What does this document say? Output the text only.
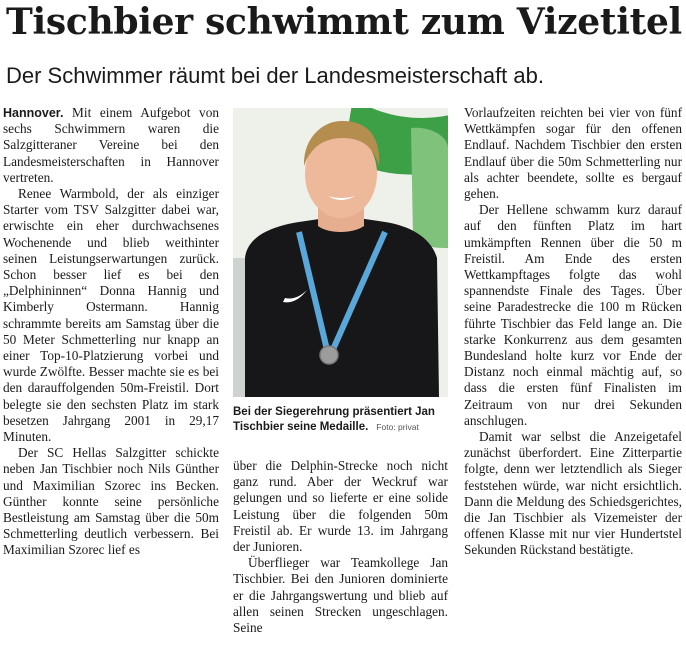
Tischbier schwimmt zum Vizetitel
Der Schwimmer räumt bei der Landesmeisterschaft ab.

Hannover. Mit einem Aufgebot von sechs Schwimmern waren die Salzgitteraner Vereine bei den Landesmeisterschaften in Hannover vertreten.

Renee Warmbold, der als einziger Starter vom TSV Salzgitter dabei war, erwischte ein eher durchwachsenes Wochenende und blieb weithinter seinen Leistungserwartungen zurück. Schon besser lief es bei den „Delphininnen“ Donna Hannig und Kimberly Ostermann. Hannig schrammte bereits am Samstag über die 50 Meter Schmetterling nur knapp an einer Top-10-Platzierung vorbei und wurde Zwölfte. Besser machte sie es bei den darauffolgenden 50m-Freistil. Dort belegte sie den sechsten Platz im stark besetzen Jahrgang 2001 in 29,17 Minuten.

Der SC Hellas Salzgitter schickte neben Jan Tischbier noch Nils Günther und Maximilian Szorec ins Becken. Günther konnte seine persönliche Bestleistung am Samstag über die 50m Schmetterling deutlich verbessern. Bei Maximilian Szorec lief es

Bei der Siegerehrung präsentiert Jan Tischbier seine Medaille. Foto: privat

über die Delphin-Strecke noch nicht ganz rund. Aber der Weckruf war gelungen und so lieferte er eine solide Leistung über die folgenden 50m Freistil ab. Er wurde 13. im Jahrgang der Junioren.

Überflieger war Teamkollege Jan Tischbier. Bei den Junioren dominierte er die Jahrgangswertung und blieb auf allen seinen Strecken ungeschlagen. Seine

Vorlaufzeiten reichten bei vier von fünf Wettkämpfen sogar für den offenen Endlauf. Nachdem Tischbier den ersten Endlauf über die 50m Schmetterling nur als achter beendete, sollte es bergauf gehen.

Der Hellene schwamm kurz darauf auf den fünften Platz im hart umkämpften Rennen über die 50 m Freistil. Am Ende des ersten Wettkampftages folgte das wohl spannendste Finale des Tages. Über seine Paradestrecke die 100 m Rücken führte Tischbier das Feld lange an. Die starke Konkurrenz aus dem gesamten Bundesland holte kurz vor Ende der Distanz noch einmal mächtig auf, so dass die ersten fünf Finalisten im Zeitraum von nur drei Sekunden anschlugen.

Damit war selbst die Anzeigetafel zunächst überfordert. Eine Zitterpartie folgte, denn wer letztendlich als Sieger feststehen würde, war nicht ersichtlich. Dann die Meldung des Schiedsgerichtes, die Jan Tischbier als Vizemeister der offenen Klasse mit nur vier Hundertstel Sekunden Rückstand bestätigte.
